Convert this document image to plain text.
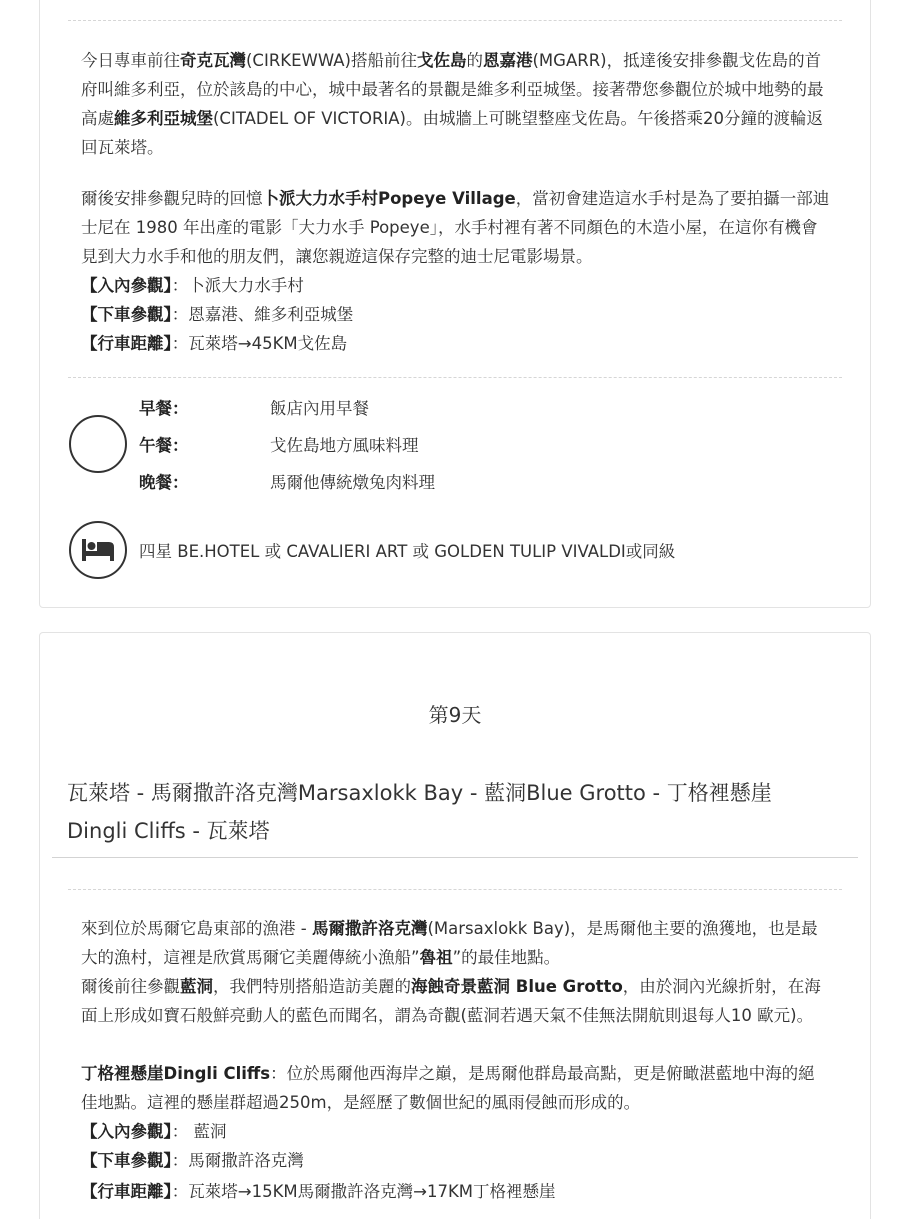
今日專車前往奇克瓦灣(CIRKEWWA)搭船前往戈佐島的恩嘉港(MGARR)，抵達後安排參觀戈佐島的首府叫維多利亞，位於該島的中心，城中最著名的景觀是維多利亞城堡。接著帶您參觀位於城中地勢的最高處維多利亞城堡(CITADEL OF VICTORIA)。由城牆上可眺望整座戈佐島。午後搭乘20分鐘的渡輪返回瓦萊塔。
爾後安排參觀兒時的回憶卜派大力水手村Popeye Village，當初會建造這水手村是為了要拍攝一部迪士尼在 1980 年出產的電影「大力水手 Popeye」，水手村裡有著不同顏色的木造小屋，在這你有機會見到大力水手和他的朋友們，讓您親遊這保存完整的迪士尼電影場景。
【入內參觀】：卜派大力水手村
【下車參觀】：恩嘉港、維多利亞城堡
【行車距離】：瓦萊塔→45KM戈佐島
早餐：	飯店內用早餐
午餐：	戈佐島地方風味料理
晚餐：	馬爾他傳統燉兔肉料理
四星 BE.HOTEL 或 CAVALIERI ART 或 GOLDEN TULIP VIVALDI或同級
第9天
瓦萊塔 - 馬爾撒許洛克灣Marsaxlokk Bay - 藍洞Blue Grotto - 丁格裡懸崖 Dingli Cliffs - 瓦萊塔
來到位於馬爾它島東部的漁港 - 馬爾撒許洛克灣(Marsaxlokk Bay)，是馬爾他主要的漁獲地，也是最大的漁村，這裡是欣賞馬爾它美麗傳統小漁船”魯祖”的最佳地點。
爾後前往參觀藍洞，我們特別搭船造訪美麗的海蝕奇景藍洞 Blue Grotto，由於洞內光線折射，在海面上形成如寶石般鮮亮動人的藍色而聞名，謂為奇觀(藍洞若遇天氣不佳無法開航則退每人10 歐元)。
丁格裡懸崖Dingli Cliffs：位於馬爾他西海岸之巔，是馬爾他群島最高點，更是俯瞰湛藍地中海的絕佳地點。這裡的懸崖群超過250m，是經歷了數個世紀的風雨侵蝕而形成的。
【入內參觀】： 藍洞
【下車參觀】：馬爾撒許洛克灣
【行車距離】：瓦萊塔→15KM馬爾撒許洛克灣→17KM丁格裡懸崖
